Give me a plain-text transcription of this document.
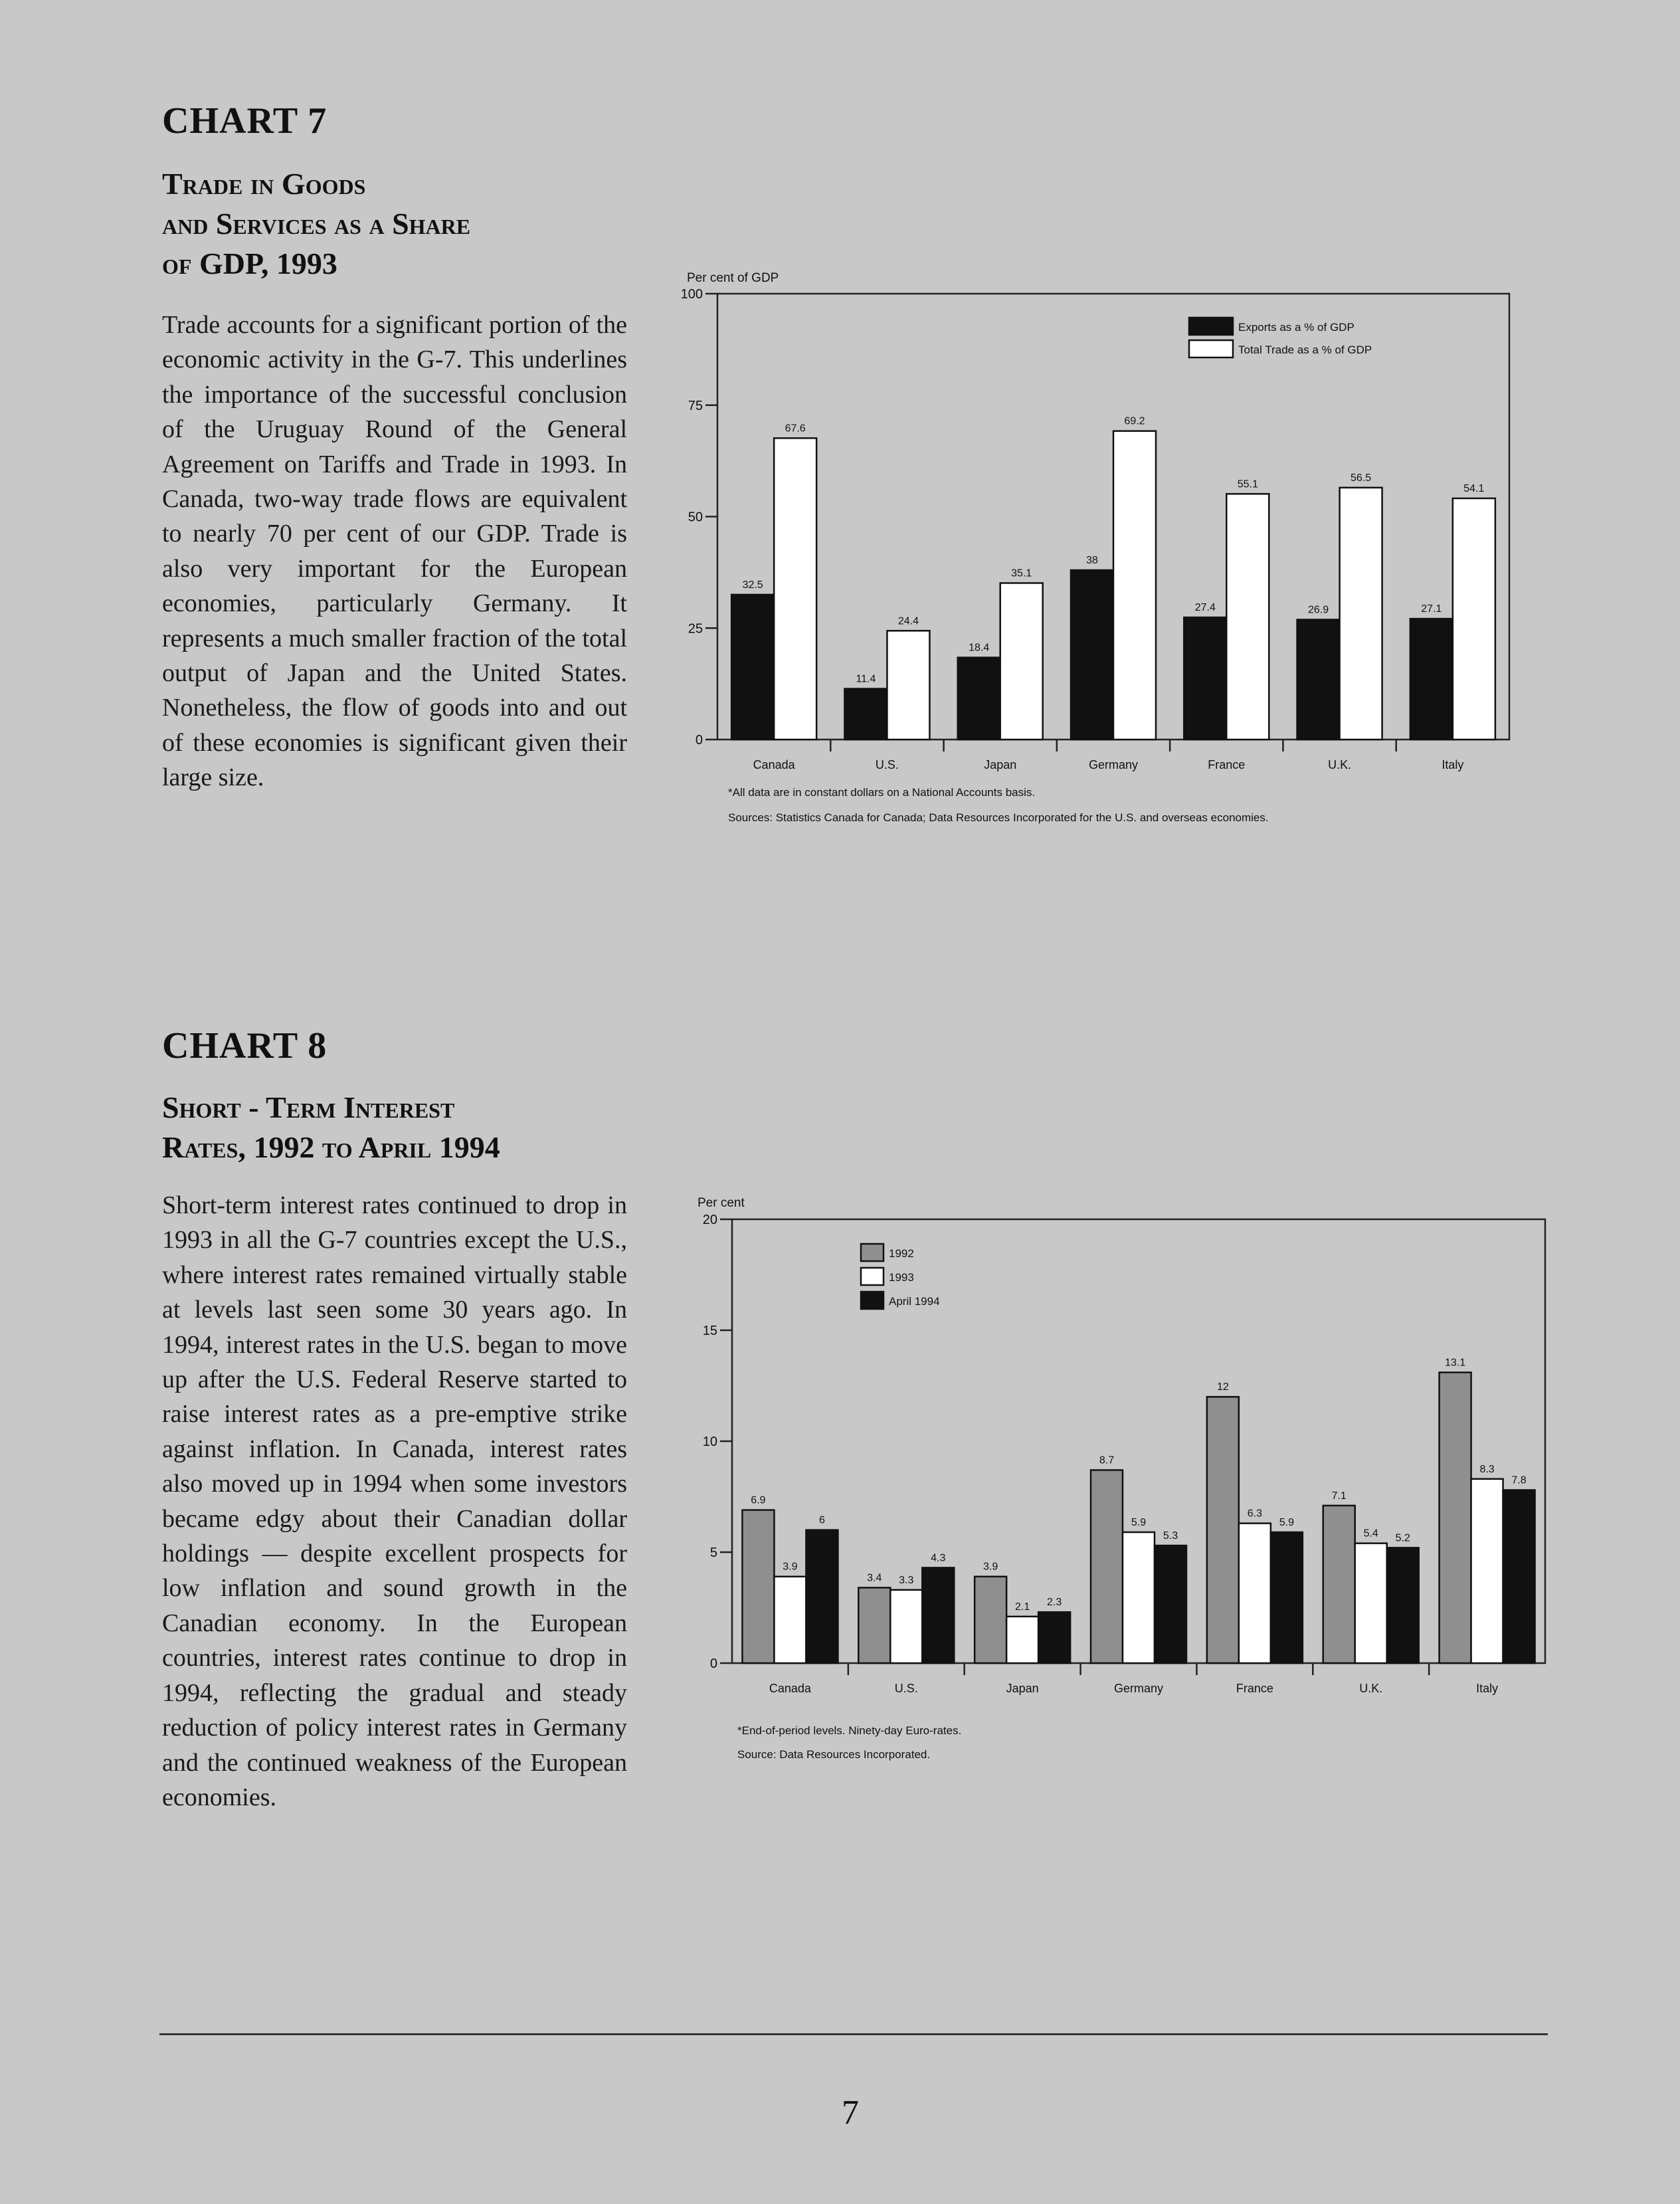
CHART 7
Trade in Goods
and Services as a Share
of GDP, 1993

Trade accounts for a significant portion of the economic activity in the G-7. This underlines the importance of the successful conclusion of the Uruguay Round of the General Agreement on Tariffs and Trade in 1993. In Canada, two-way trade flows are equivalent to nearly 70 per cent of our GDP. Trade is also very important for the European economies, particularly Germany. It represents a much smaller fraction of the total output of Japan and the United States. Nonetheless, the flow of goods into and out of these economies is significant given their large size.

0
25
50
75
100
Per cent of GDP
32.5
67.6
Canada
11.4
24.4
U.S.
18.4
35.1
Japan
38
69.2
Germany
27.4
55.1
France
26.9
56.5
U.K.
27.1
54.1
Italy
Exports as a % of GDP
Total Trade as a % of GDP
*All data are in constant dollars on a National Accounts basis.
Sources: Statistics Canada for Canada; Data Resources Incorporated for the U.S. and overseas economies.
CHART 8
Short - Term Interest
Rates, 1992 to April 1994

Short-term interest rates continued to drop in 1993 in all the G-7 countries except the U.S., where interest rates remained virtually stable at levels last seen some 30 years ago. In 1994, interest rates in the U.S. began to move up after the U.S. Federal Reserve started to raise interest rates as a pre-emptive strike against inflation. In Canada, interest rates also moved up in 1994 when some investors became edgy about their Canadian dollar holdings — despite excellent prospects for low inflation and sound growth in the Canadian economy. In the European countries, interest rates continue to drop in 1994, reflecting the gradual and steady reduction of policy interest rates in Germany and the continued weakness of the European economies.

0
5
10
15
20
Per cent
6.9
3.9
6
Canada
3.4 3.3
4.3
U.S.
3.9
2.1 2.3
Japan
8.7
5.9
5.3
Germany
12
6.3
5.9
France
7.1
5.4 5.2
U.K.
13.1
8.3
7.8
Italy
1992
1993
April 1994
*End-of-period levels. Ninety-day Euro-rates.
Source: Data Resources Incorporated.
7
